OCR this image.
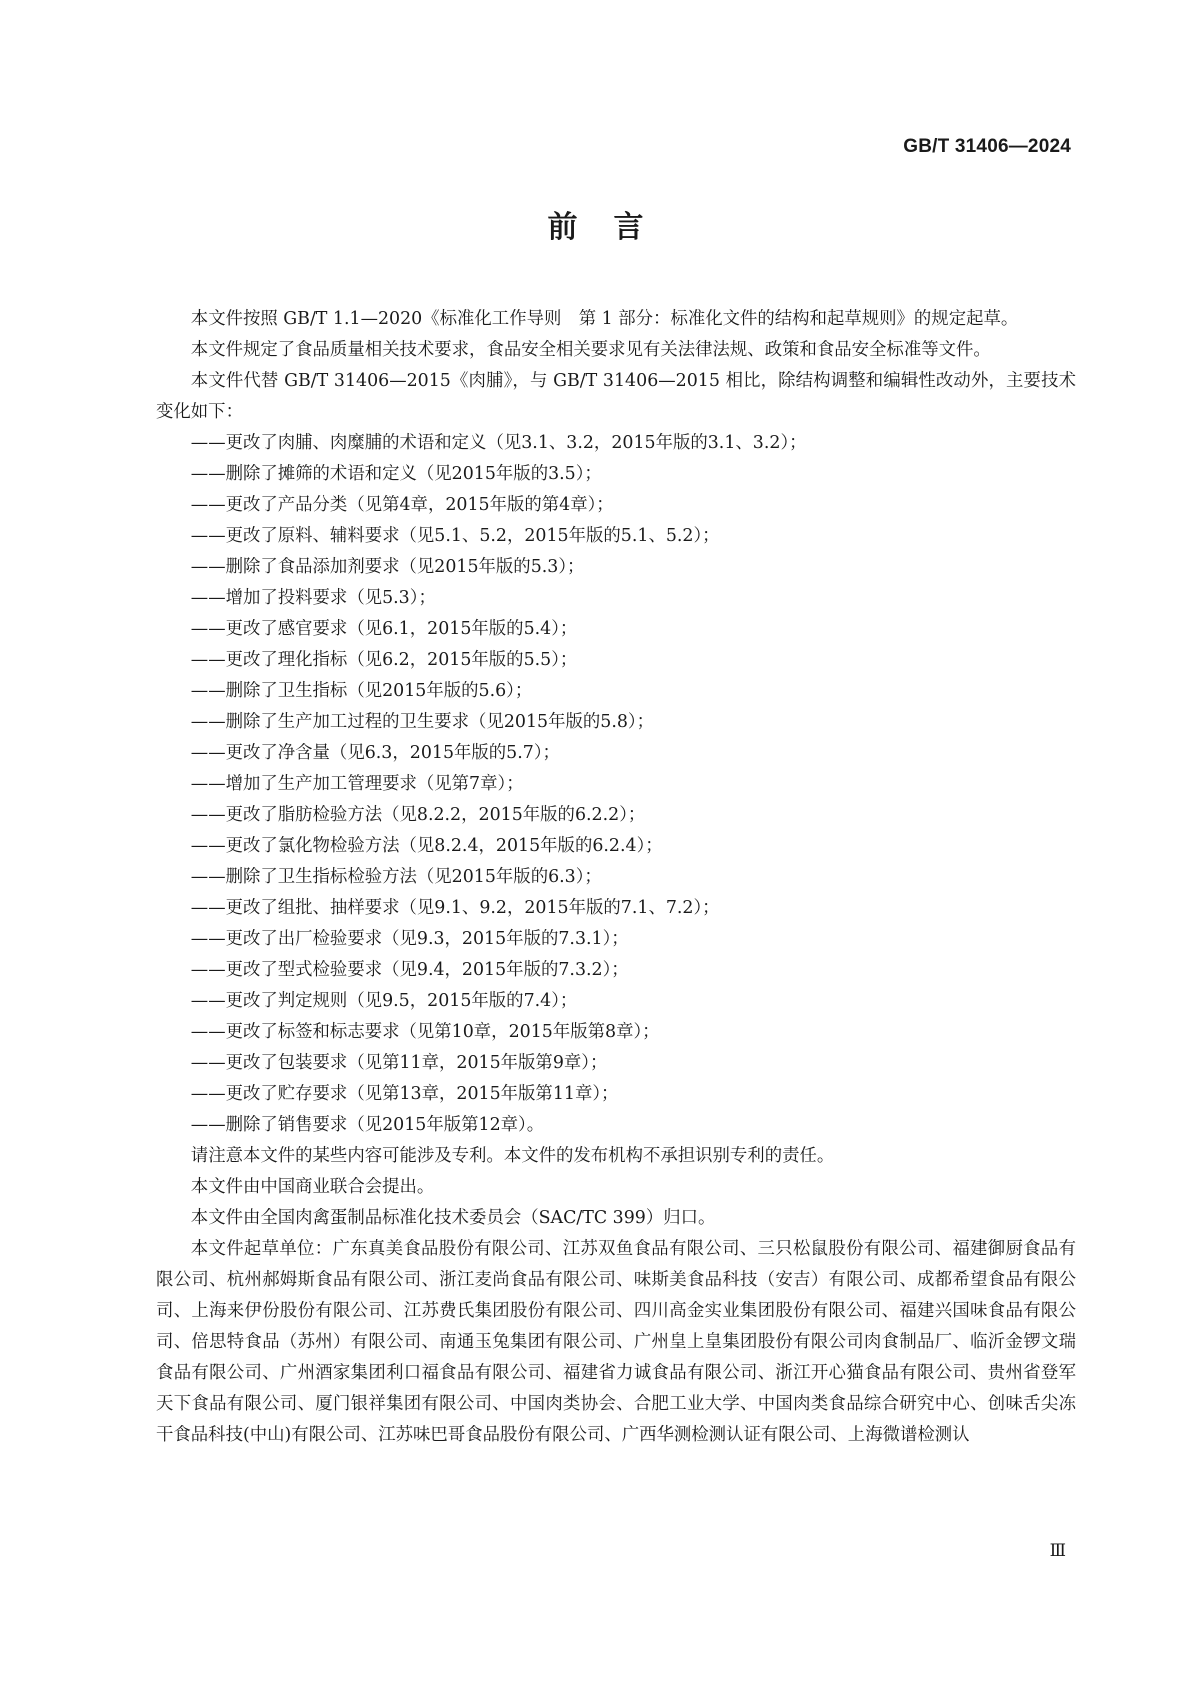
GB/T 31406—2024
前言

本文件按照 GB/T 1.1—2020《标准化工作导则　第 1 部分：标准化文件的结构和起草规则》的规定起草。

本文件规定了食品质量相关技术要求，食品安全相关要求见有关法律法规、政策和食品安全标准等文件。

本文件代替 GB/T 31406—2015《肉脯》，与 GB/T 31406—2015 相比，除结构调整和编辑性改动外，主要技术变化如下：

——更改了肉脯、肉糜脯的术语和定义（见3.1、3.2，2015年版的3.1、3.2）；
——删除了摊筛的术语和定义（见2015年版的3.5）；
——更改了产品分类（见第4章，2015年版的第4章）；
——更改了原料、辅料要求（见5.1、5.2，2015年版的5.1、5.2）；
——删除了食品添加剂要求（见2015年版的5.3）；
——增加了投料要求（见5.3）；
——更改了感官要求（见6.1，2015年版的5.4）；
——更改了理化指标（见6.2，2015年版的5.5）；
——删除了卫生指标（见2015年版的5.6）；
——删除了生产加工过程的卫生要求（见2015年版的5.8）；
——更改了净含量（见6.3，2015年版的5.7）；
——增加了生产加工管理要求（见第7章）；
——更改了脂肪检验方法（见8.2.2，2015年版的6.2.2）；
——更改了氯化物检验方法（见8.2.4，2015年版的6.2.4）；
——删除了卫生指标检验方法（见2015年版的6.3）；
——更改了组批、抽样要求（见9.1、9.2，2015年版的7.1、7.2）；
——更改了出厂检验要求（见9.3，2015年版的7.3.1）；
——更改了型式检验要求（见9.4，2015年版的7.3.2）；
——更改了判定规则（见9.5，2015年版的7.4）；
——更改了标签和标志要求（见第10章，2015年版第8章）；
——更改了包装要求（见第11章，2015年版第9章）；
——更改了贮存要求（见第13章，2015年版第11章）；
——删除了销售要求（见2015年版第12章）。

请注意本文件的某些内容可能涉及专利。本文件的发布机构不承担识别专利的责任。

本文件由中国商业联合会提出。

本文件由全国肉禽蛋制品标准化技术委员会（SAC/TC 399）归口。

本文件起草单位：广东真美食品股份有限公司、江苏双鱼食品有限公司、三只松鼠股份有限公司、福建御厨食品有限公司、杭州郝姆斯食品有限公司、浙江麦尚食品有限公司、味斯美食品科技（安吉）有限公司、成都希望食品有限公司、上海来伊份股份有限公司、江苏费氏集团股份有限公司、四川高金实业集团股份有限公司、福建兴国味食品有限公司、倍思特食品（苏州）有限公司、南通玉兔集团有限公司、广州皇上皇集团股份有限公司肉食制品厂、临沂金锣文瑞食品有限公司、广州酒家集团利口福食品有限公司、福建省力诚食品有限公司、浙江开心猫食品有限公司、贵州省登军天下食品有限公司、厦门银祥集团有限公司、中国肉类协会、合肥工业大学、中国肉类食品综合研究中心、创味舌尖冻干食品科技(中山)有限公司、江苏味巴哥食品股份有限公司、广西华测检测认证有限公司、上海微谱检测认

Ⅲ
